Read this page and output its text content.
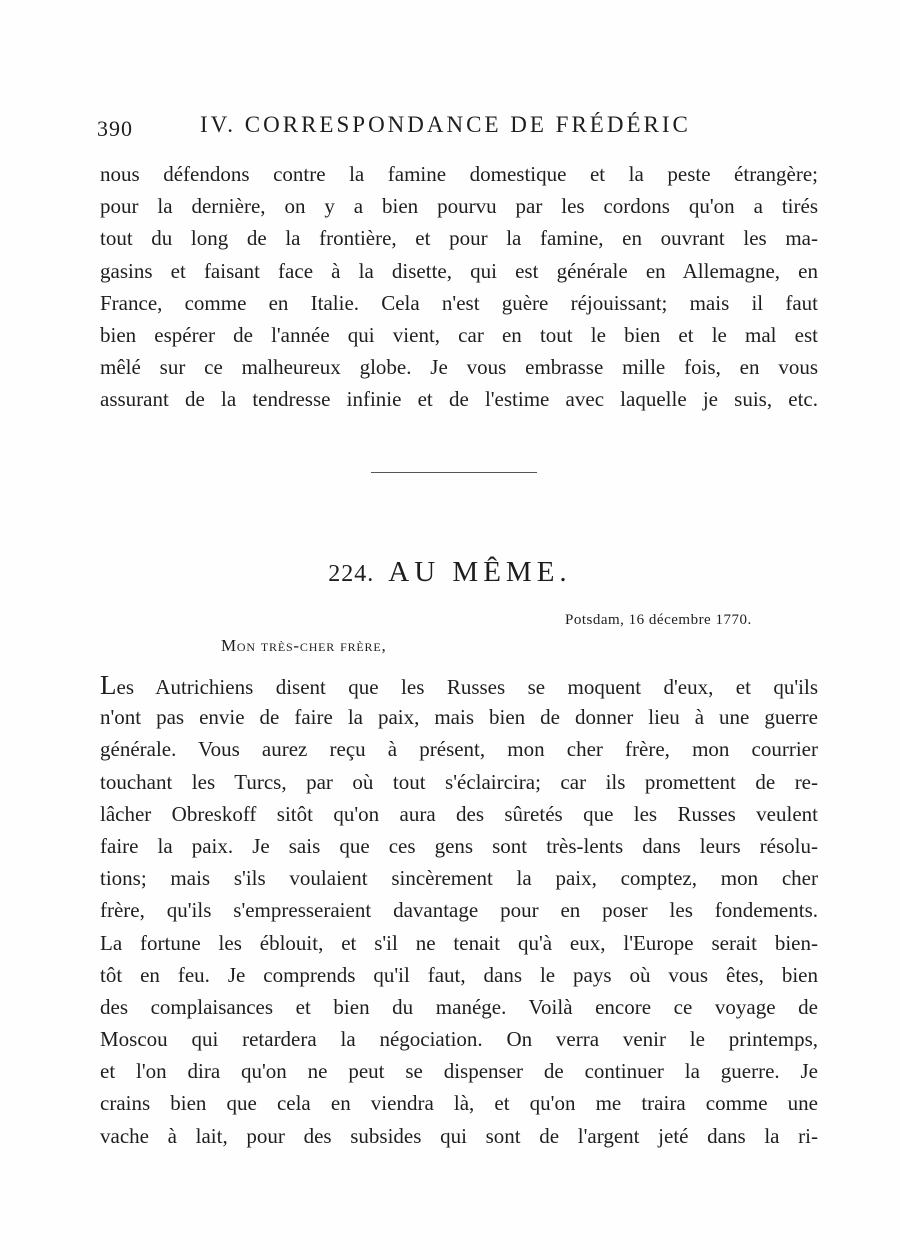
390	IV. CORRESPONDANCE DE FRÉDÉRIC
nous défendons contre la famine domestique et la peste étrangère;
pour la dernière, on y a bien pourvu par les cordons qu'on a tirés
tout du long de la frontière, et pour la famine, en ouvrant les ma-
gasins et faisant face à la disette, qui est générale en Allemagne, en
France, comme en Italie. Cela n'est guère réjouissant; mais il faut
bien espérer de l'année qui vient, car en tout le bien et le mal est
mêlé sur ce malheureux globe. Je vous embrasse mille fois, en vous
assurant de la tendresse infinie et de l'estime avec laquelle je suis, etc.
224. AU MÊME.
Potsdam, 16 décembre 1770.
Mon très-cher frère,
Les Autrichiens disent que les Russes se moquent d'eux, et qu'ils
n'ont pas envie de faire la paix, mais bien de donner lieu à une guerre
générale. Vous aurez reçu à présent, mon cher frère, mon courrier
touchant les Turcs, par où tout s'éclaircira; car ils promettent de re-
lâcher Obreskoff sitôt qu'on aura des sûretés que les Russes veulent
faire la paix. Je sais que ces gens sont très-lents dans leurs résolu-
tions; mais s'ils voulaient sincèrement la paix, comptez, mon cher
frère, qu'ils s'empresseraient davantage pour en poser les fondements.
La fortune les éblouit, et s'il ne tenait qu'à eux, l'Europe serait bien-
tôt en feu. Je comprends qu'il faut, dans le pays où vous êtes, bien
des complaisances et bien du manége. Voilà encore ce voyage de
Moscou qui retardera la négociation. On verra venir le printemps,
et l'on dira qu'on ne peut se dispenser de continuer la guerre. Je
crains bien que cela en viendra là, et qu'on me traira comme une
vache à lait, pour des subsides qui sont de l'argent jeté dans la ri-
